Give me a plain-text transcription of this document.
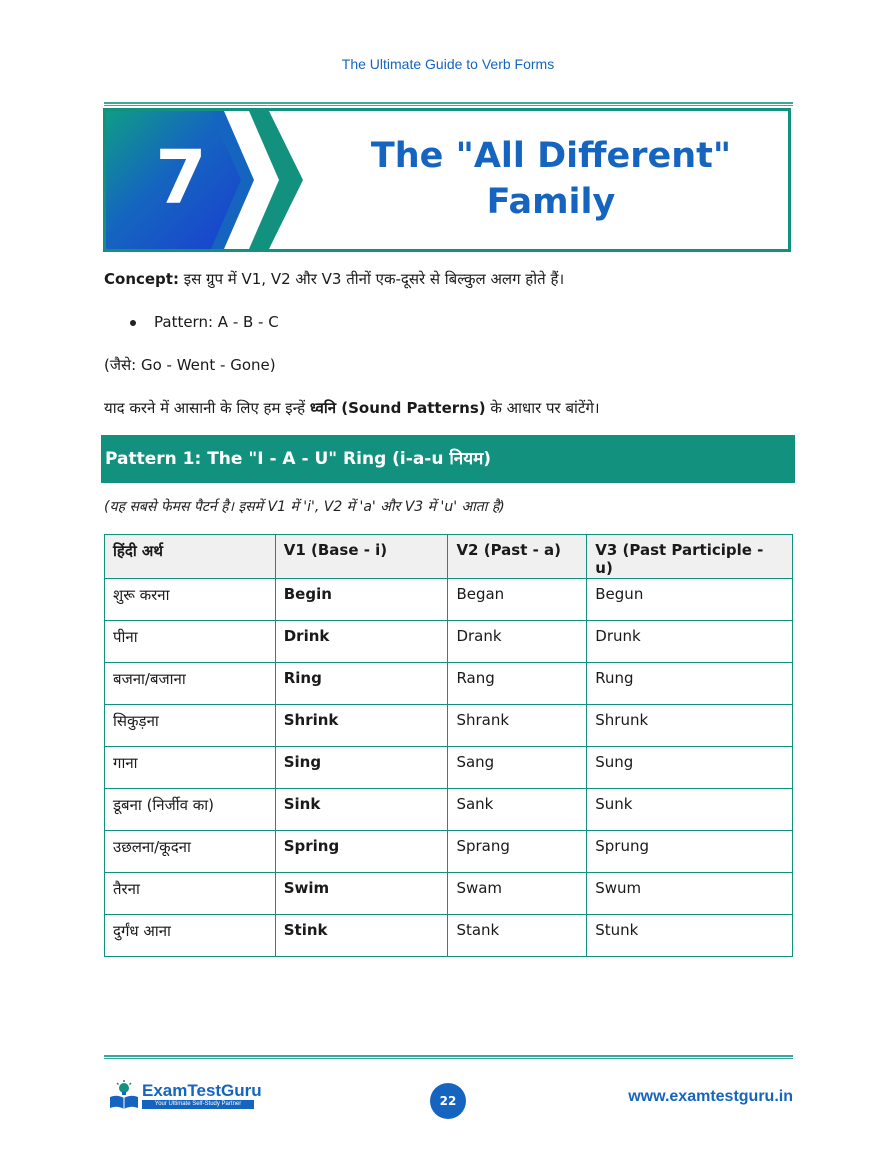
The Ultimate Guide to Verb Forms
7	The "All Different"
Family
Concept: इस ग्रुप में V1, V2 और V3 तीनों एक-दूसरे से बिल्कुल अलग होते हैं।
Pattern: A - B - C
(जैसे: Go - Went - Gone)
याद करने में आसानी के लिए हम इन्हें ध्वनि (Sound Patterns) के आधार पर बांटेंगे।
Pattern 1: The "I - A - U" Ring (i-a-u नियम)
(यह सबसे फेमस पैटर्न है। इसमें V1 में 'i', V2 में 'a' और V3 में 'u' आता है)
हिंदी अर्थ	V1 (Base - i)	V2 (Past - a)	V3 (Past Participle - u)
शुरू करना	Begin	Began	Begun
पीना	Drink	Drank	Drunk
बजना/बजाना	Ring	Rang	Rung
सिकुड़ना	Shrink	Shrank	Shrunk
गाना	Sing	Sang	Sung
डूबना (निर्जीव का)	Sink	Sank	Sunk
उछलना/कूदना	Spring	Sprang	Sprung
तैरना	Swim	Swam	Swum
दुर्गंध आना	Stink	Stank	Stunk
ExamTestGuru
Your Ultimate Self-Study Partner	22	www.examtestguru.in
